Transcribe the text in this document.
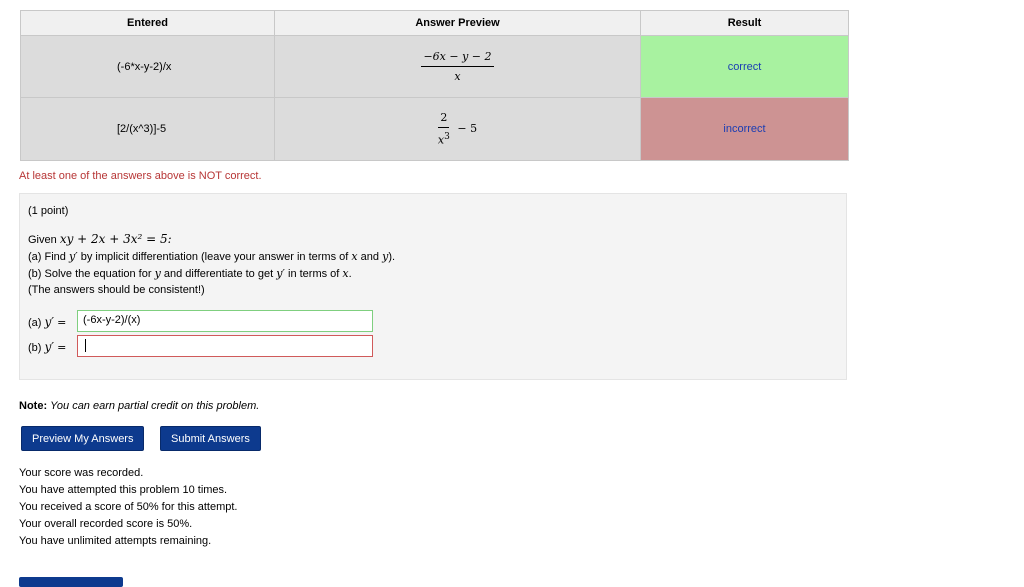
Entered	Answer Preview	Result
(-6*x-y-2)/x	$\frac{-6x - y - 2}{x}$	correct
[2/(x^3)]-5	$\frac{2}{x^3} - 5$	incorrect
At least one of the answers above is NOT correct.
(1 point)
Given xy + 2x + 3x² = 5:
(a) Find y′ by implicit differentiation (leave your answer in terms of x and y).
(b) Solve the equation for y and differentiate to get y′ in terms of x.
(The answers should be consistent!)
(a) y′ =	(-6x-y-2)/(x)
(b) y′ =
Note: You can earn partial credit on this problem.
Preview My Answers	Submit Answers
Your score was recorded.
You have attempted this problem 10 times.
You received a score of 50% for this attempt.
Your overall recorded score is 50%.
You have unlimited attempts remaining.
